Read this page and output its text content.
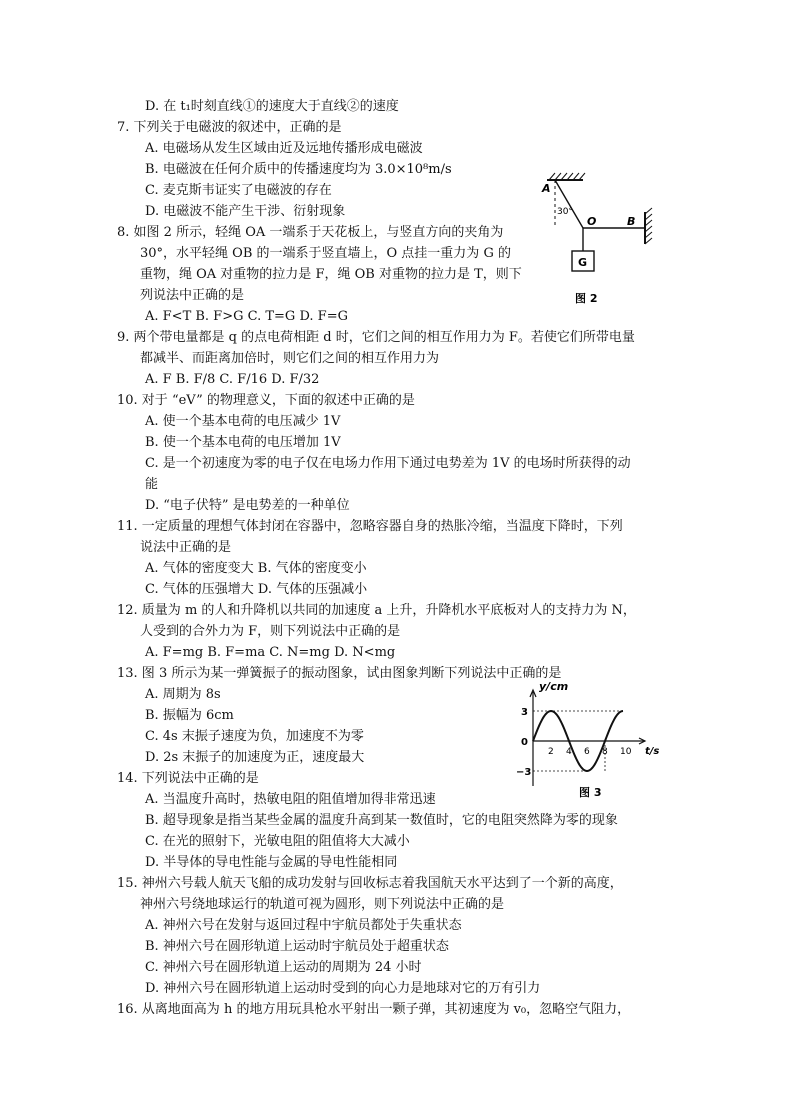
D. 在 t₁时刻直线①的速度大于直线②的速度
7. 下列关于电磁波的叙述中，正确的是
A. 电磁场从发生区域由近及远地传播形成电磁波
B. 电磁波在任何介质中的传播速度均为 3.0×10⁸m/s
C. 麦克斯韦证实了电磁波的存在
D. 电磁波不能产生干涉、衍射现象
8. 如图 2 所示，轻绳 OA 一端系于天花板上，与竖直方向的夹角为
30°，水平轻绳 OB 的一端系于竖直墙上，O 点挂一重力为 G 的
重物，绳 OA 对重物的拉力是 F，绳 OB 对重物的拉力是 T，则下
列说法中正确的是
A. F<T B. F>G C. T=G D. F=G
9. 两个带电量都是 q 的点电荷相距 d 时，它们之间的相互作用力为 F。若使它们所带电量
都减半、而距离加倍时，则它们之间的相互作用力为
A. F B. F/8 C. F/16 D. F/32
10. 对于 “eV” 的物理意义，下面的叙述中正确的是
A. 使一个基本电荷的电压减少 1V
B. 使一个基本电荷的电压增加 1V
C. 是一个初速度为零的电子仅在电场力作用下通过电势差为 1V 的电场时所获得的动
能
D. “电子伏特” 是电势差的一种单位
11. 一定质量的理想气体封闭在容器中，忽略容器自身的热胀冷缩，当温度下降时，下列
说法中正确的是
A. 气体的密度变大 B. 气体的密度变小
C. 气体的压强增大 D. 气体的压强减小
12. 质量为 m 的人和升降机以共同的加速度 a 上升，升降机水平底板对人的支持力为 N，
人受到的合外力为 F，则下列说法中正确的是
A. F=mg B. F=ma C. N=mg D. N<mg
13. 图 3 所示为某一弹簧振子的振动图象，试由图象判断下列说法中正确的是
A. 周期为 8s
B. 振幅为 6cm
C. 4s 末振子速度为负，加速度不为零
D. 2s 末振子的加速度为正，速度最大
14. 下列说法中正确的是
A. 当温度升高时，热敏电阻的阻值增加得非常迅速
B. 超导现象是指当某些金属的温度升高到某一数值时，它的电阻突然降为零的现象
C. 在光的照射下，光敏电阻的阻值将大大减小
D. 半导体的导电性能与金属的导电性能相同
15. 神州六号载人航天飞船的成功发射与回收标志着我国航天水平达到了一个新的高度，
神州六号绕地球运行的轨道可视为圆形，则下列说法中正确的是
A. 神州六号在发射与返回过程中宇航员都处于失重状态
B. 神州六号在圆形轨道上运动时宇航员处于超重状态
C. 神州六号在圆形轨道上运动的周期为 24 小时
D. 神州六号在圆形轨道上运动时受到的向心力是地球对它的万有引力
16. 从离地面高为 h 的地方用玩具枪水平射出一颗子弹，其初速度为 v₀，忽略空气阻力，
A
30°
O	B
G
图 2
3
0
−3
2 4 6 8 10
y/cm
t/s
图 3
